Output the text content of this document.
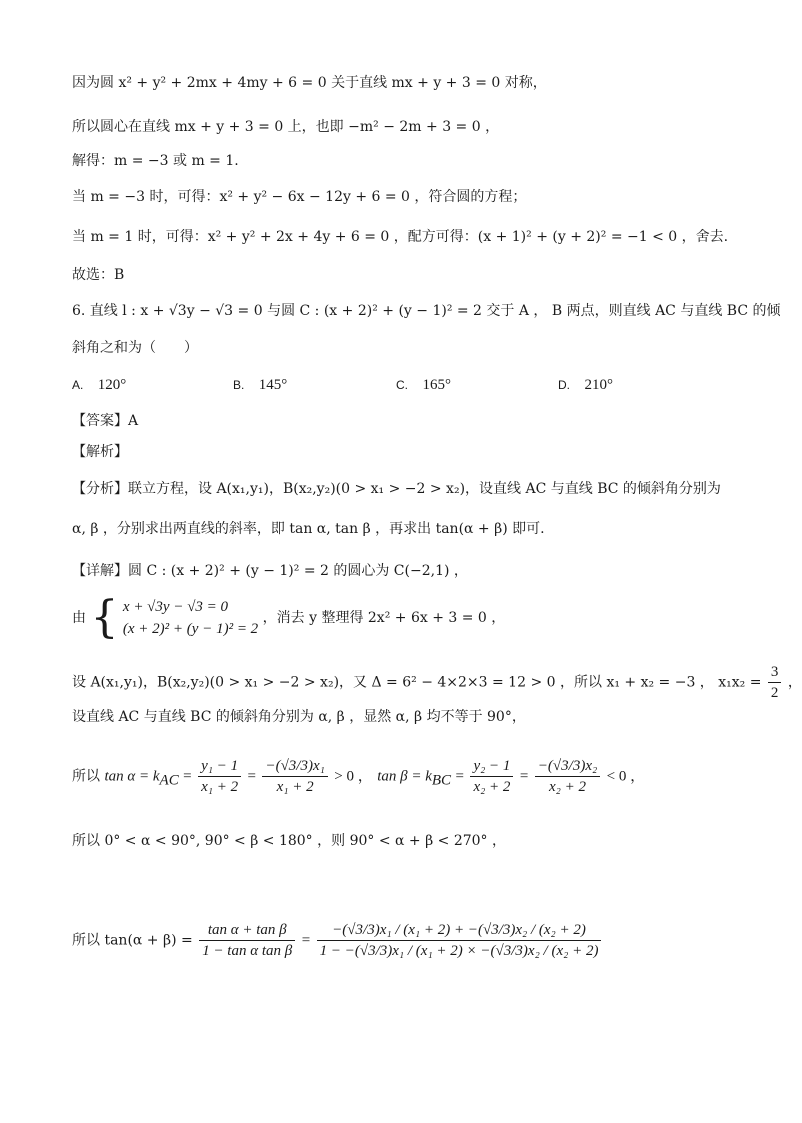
因为圆 x² + y² + 2mx + 4my + 6 = 0 关于直线 mx + y + 3 = 0 对称，
所以圆心在直线 mx + y + 3 = 0 上，也即 −m² − 2m + 3 = 0 ，
解得：m = −3 或 m = 1.
当 m = −3 时，可得：x² + y² − 6x − 12y + 6 = 0 ，符合圆的方程；
当 m = 1 时，可得：x² + y² + 2x + 4y + 6 = 0 ，配方可得：(x + 1)² + (y + 2)² = −1 < 0 ，舍去.
故选：B
6. 直线 l : x + √3y − √3 = 0 与圆 C : (x + 2)² + (y − 1)² = 2 交于 A ， B 两点，则直线 AC 与直线 BC 的倾
斜角之和为（　　）
A. 120°	B. 145°	C. 165°	D. 210°
【答案】A
【解析】
【分析】联立方程，设 A(x₁,y₁)，B(x₂,y₂)(0 > x₁ > −2 > x₂)，设直线 AC 与直线 BC 的倾斜角分别为
α, β ，分别求出两直线的斜率，即 tan α, tan β ，再求出 tan(α + β) 即可.
【详解】圆 C : (x + 2)² + (y − 1)² = 2 的圆心为 C(−2,1) ，
由 { x + √3y − √3 = 0
(x + 2)² + (y − 1)² = 2
，消去 y 整理得 2x² + 6x + 3 = 0 ，
设 A(x₁,y₁)，B(x₂,y₂)(0 > x₁ > −2 > x₂)，又 Δ = 6² − 4×2×3 = 12 > 0 ，所以 x₁ + x₂ = −3 ， $x_1x_2 = \frac{3}{2}$ ，
设直线 AC 与直线 BC 的倾斜角分别为 α, β ，显然 α, β 均不等于 90°，
所以 $\tan \alpha = k_{AC} = \frac{\text{y₁ − 1}}{\text{x₁ + 2}} = \frac{\text{−(√3/3)x₁}}{\text{x₁ + 2}} > 0$ ， $\tan \beta = k_{BC} = \frac{\text{y₂ − 1}}{\text{x₂ + 2}} = \frac{\text{−(√3/3)x₂}}{\text{x₂ + 2}} < 0$ ，
所以 0° < α < 90°, 90° < β < 180° ，则 90° < α + β < 270° ，
所以 $\tan(\alpha + \beta) = \frac{\text{tan α + tan β}}{\text{1 − tan α tan β}} = \frac{\text{−(√3/3)x₁ / (x₁ + 2) + −(√3/3)x₂ / (x₂ + 2)}}{\text{1 − −(√3/3)x₁ / (x₁ + 2) × −(√3/3)x₂ / (x₂ + 2)}}$
